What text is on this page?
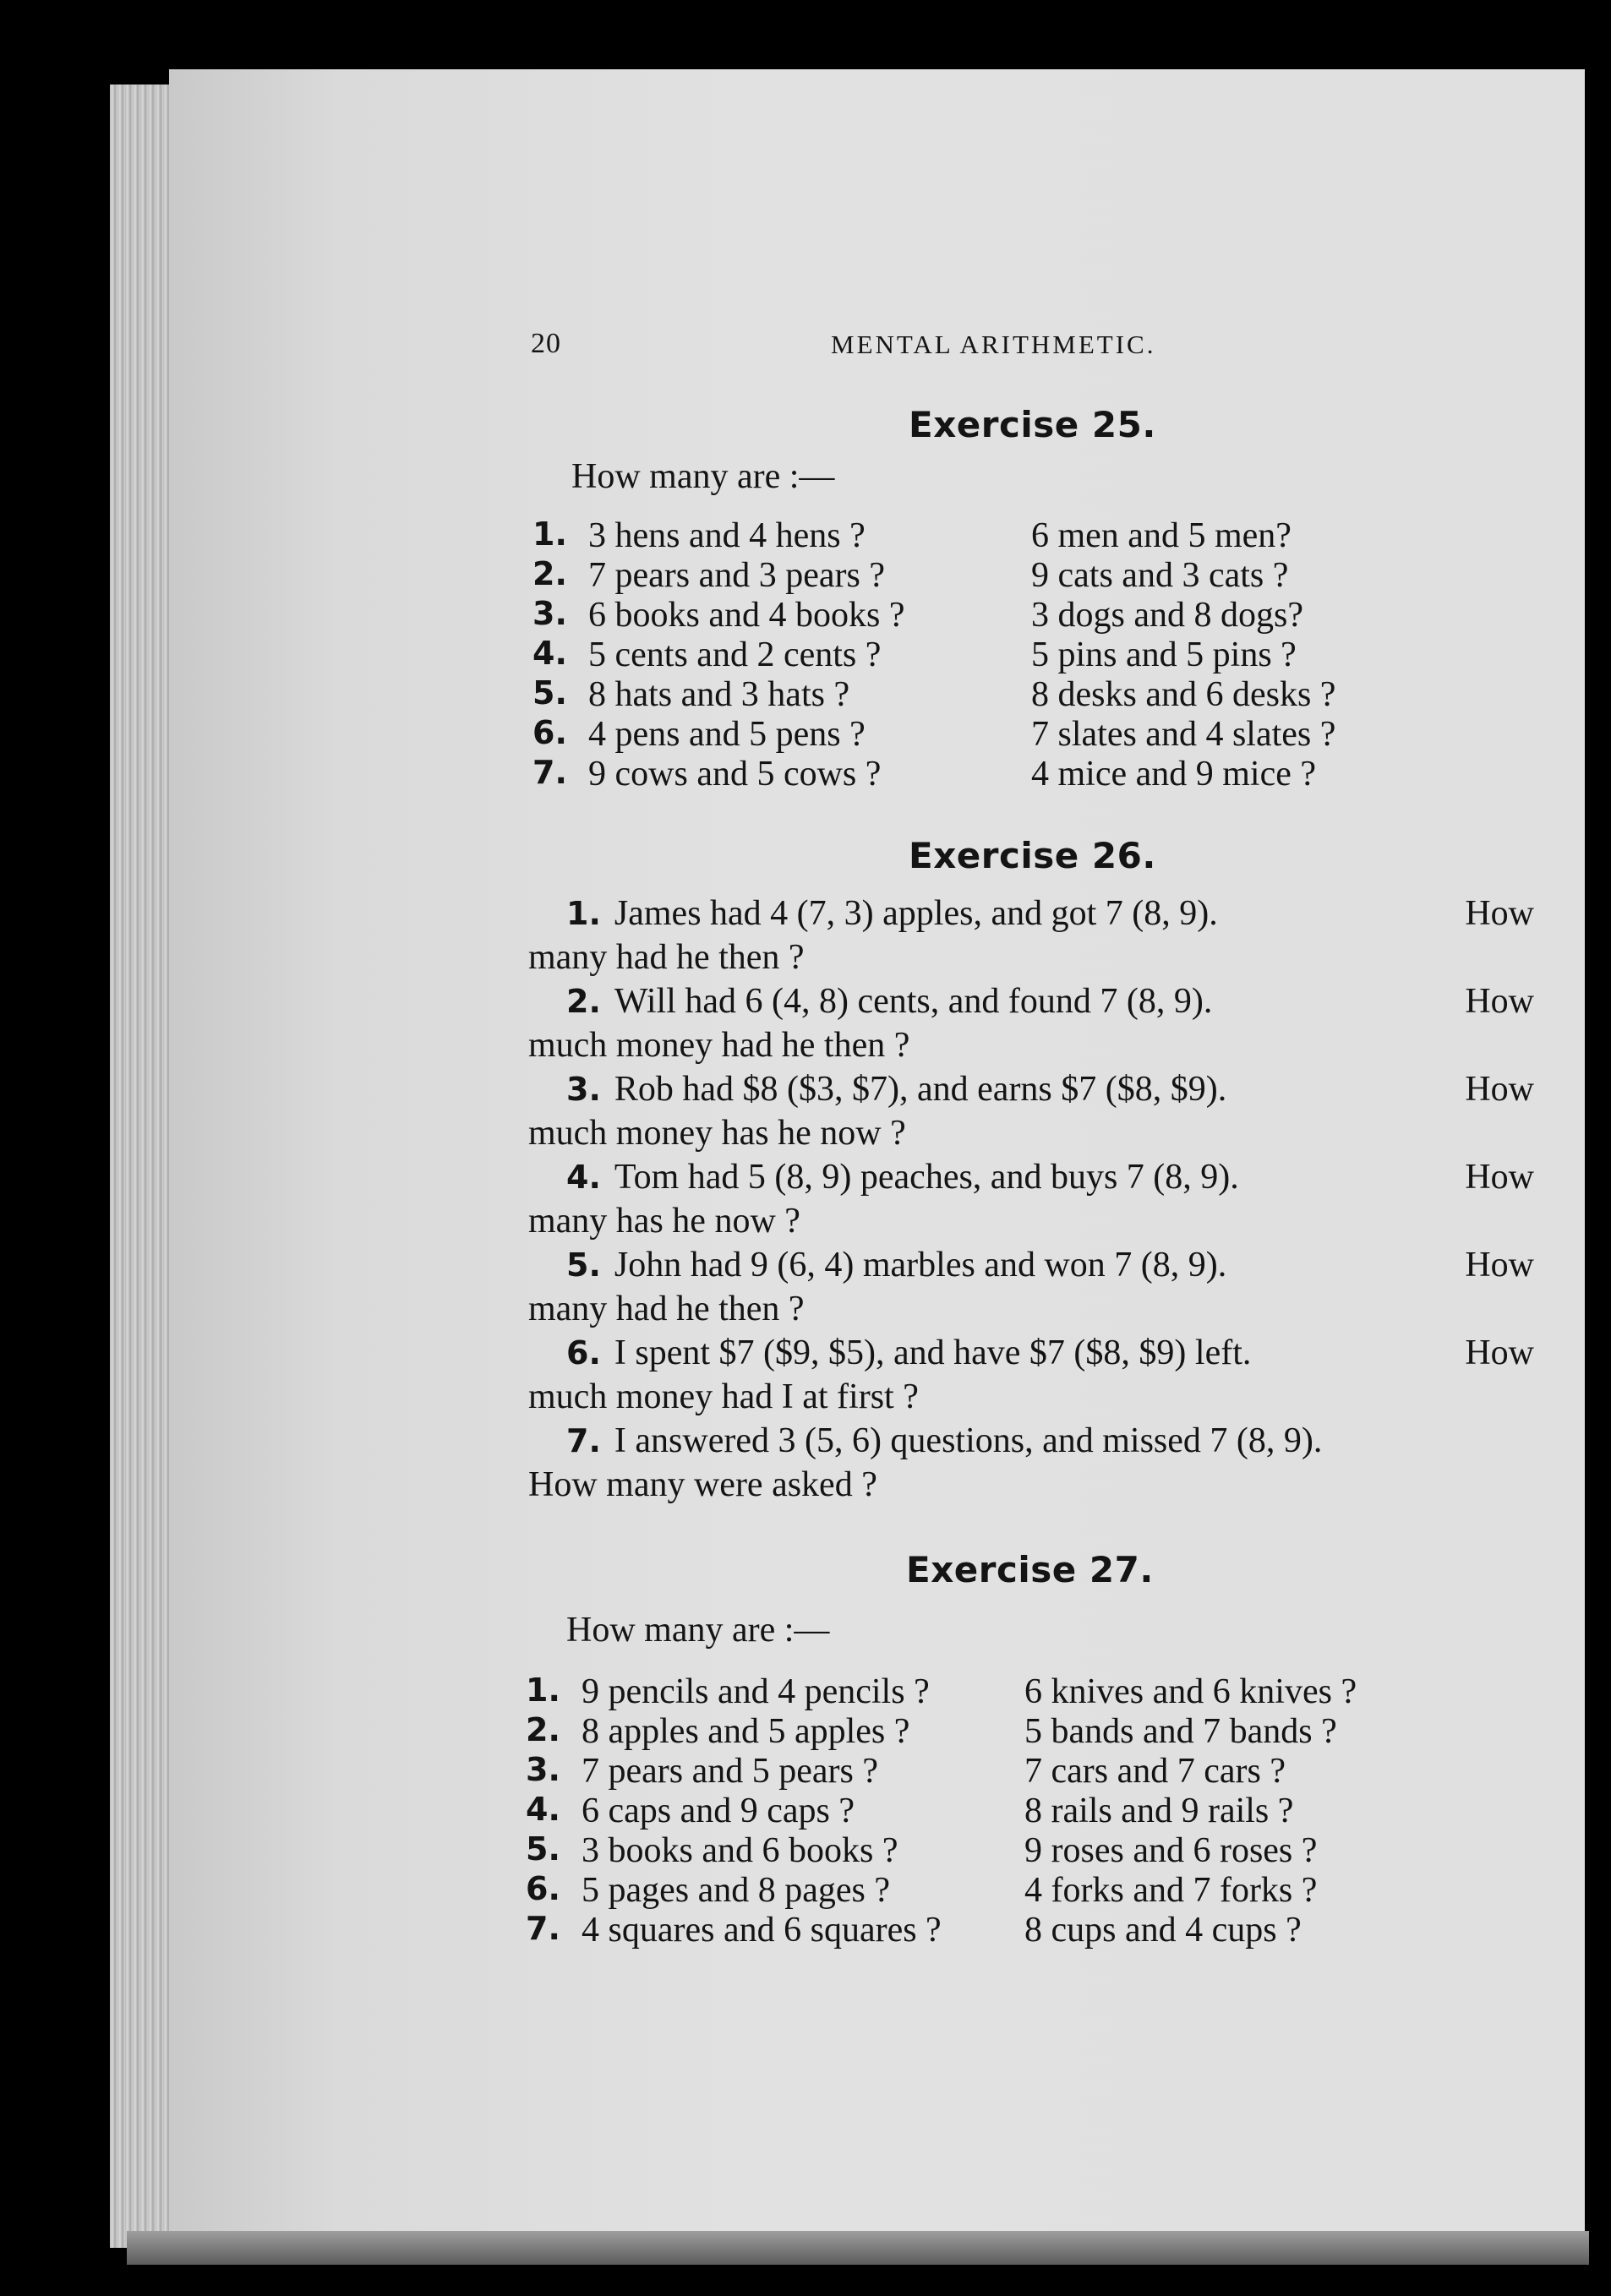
20	MENTAL ARITHMETIC.
Exercise 25.
How many are :—
1. 3 hens and 4 hens ?	6 men and 5 men?
2. 7 pears and 3 pears ?	9 cats and 3 cats ?
3. 6 books and 4 books ?	3 dogs and 8 dogs?
4. 5 cents and 2 cents ?	5 pins and 5 pins ?
5. 8 hats and 3 hats ?	8 desks and 6 desks ?
6. 4 pens and 5 pens ?	7 slates and 4 slates ?
7. 9 cows and 5 cows ?	4 mice and 9 mice ?
Exercise 26.
1. James had 4 (7, 3) apples, and got 7 (8, 9).	How
many had he then ?
2. Will had 6 (4, 8) cents, and found 7 (8, 9).	How
much money had he then ?
3. Rob had $8 ($3, $7), and earns $7 ($8, $9).	How
much money has he now ?
4. Tom had 5 (8, 9) peaches, and buys 7 (8, 9).	How
many has he now ?
5. John had 9 (6, 4) marbles and won 7 (8, 9).	How
many had he then ?
6. I spent $7 ($9, $5), and have $7 ($8, $9) left.	How
much money had I at first ?
7. I answered 3 (5, 6) questions, and missed 7 (8, 9).
How many were asked ?
Exercise 27.
How many are :—
1. 9 pencils and 4 pencils ?	6 knives and 6 knives ?
2. 8 apples and 5 apples ?	5 bands and 7 bands ?
3. 7 pears and 5 pears ?	7 cars and 7 cars ?
4. 6 caps and 9 caps ?	8 rails and 9 rails ?
5. 3 books and 6 books ?	9 roses and 6 roses ?
6. 5 pages and 8 pages ?	4 forks and 7 forks ?
7. 4 squares and 6 squares ? 8 cups and 4 cups ?
